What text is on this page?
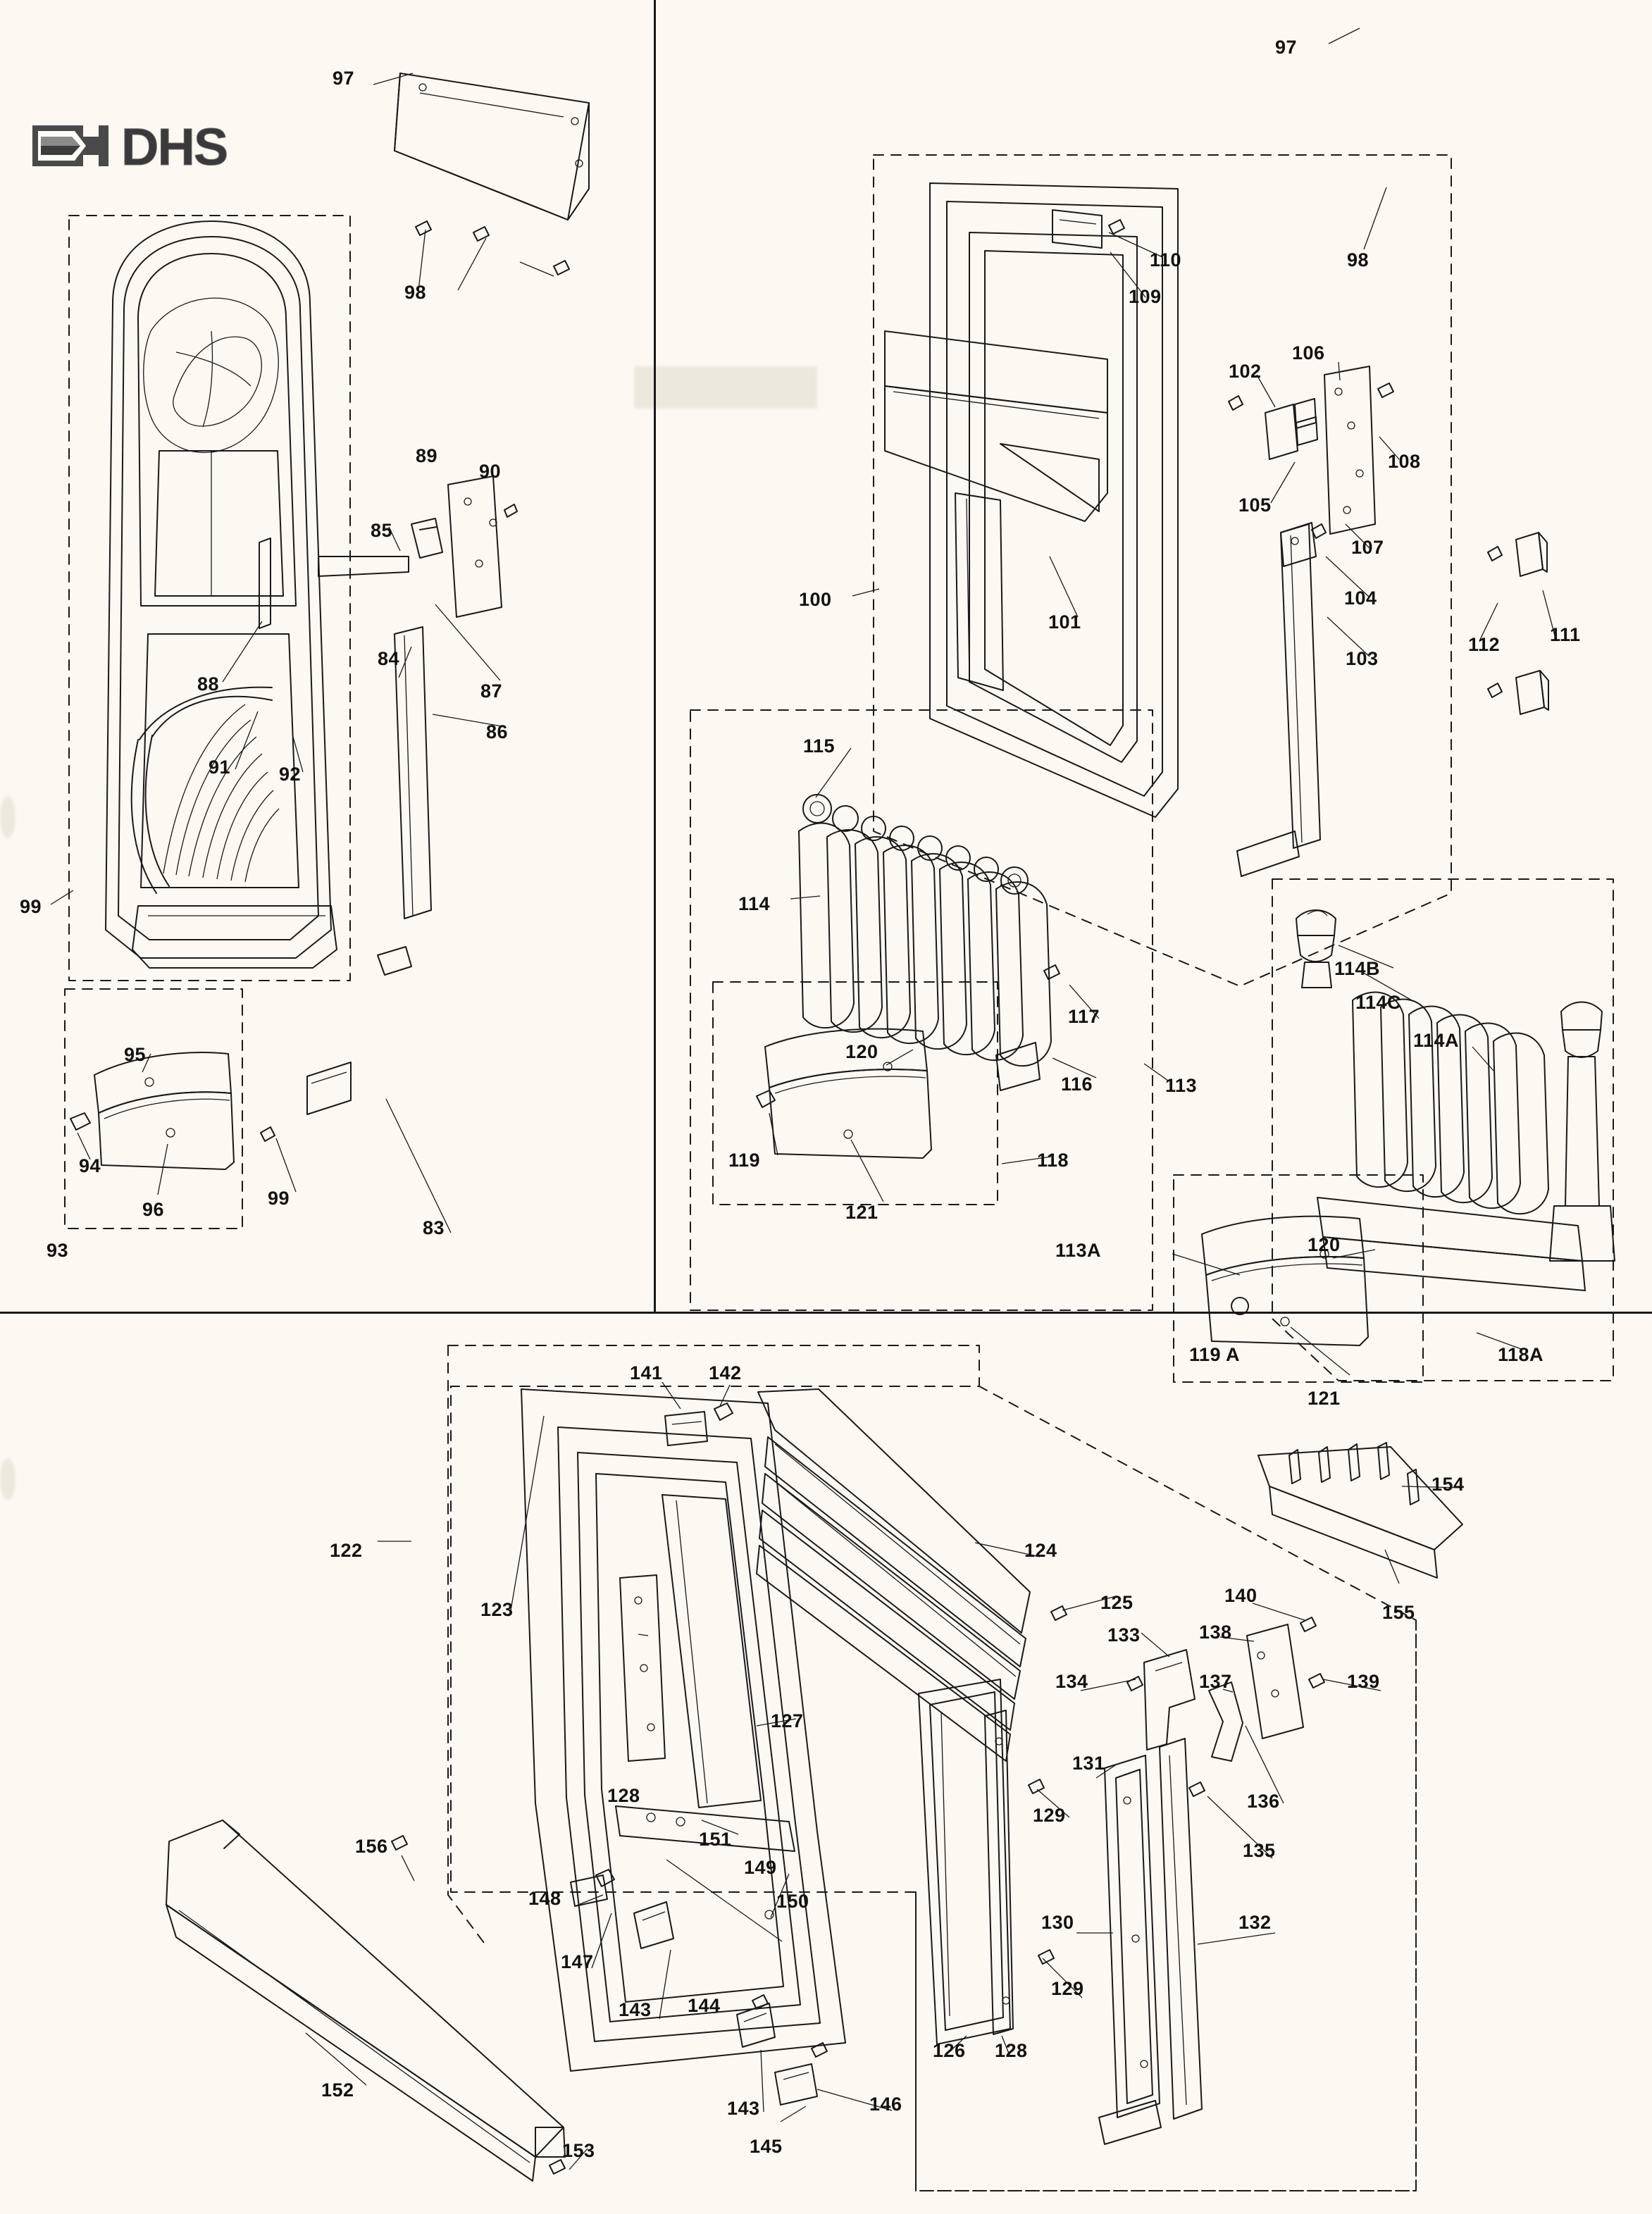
DHS
97
98
89
90
85
84
88	87
86
91	92
99
95
94
96
99
93
83
97
98
110
109
102
106
108
105
107
104
103
112	111
100
101
115
114
117
116	113
120
119
121
118
114B
114C
114A
113A	120
119 A
121
118A
141 142
124
122
123	125
133
140
138
134	137	139
127
128
131
136
129
135
151
149
150
148
156
130	132
147
143 144
129
126 128
152
143
145
146
153
154
155
